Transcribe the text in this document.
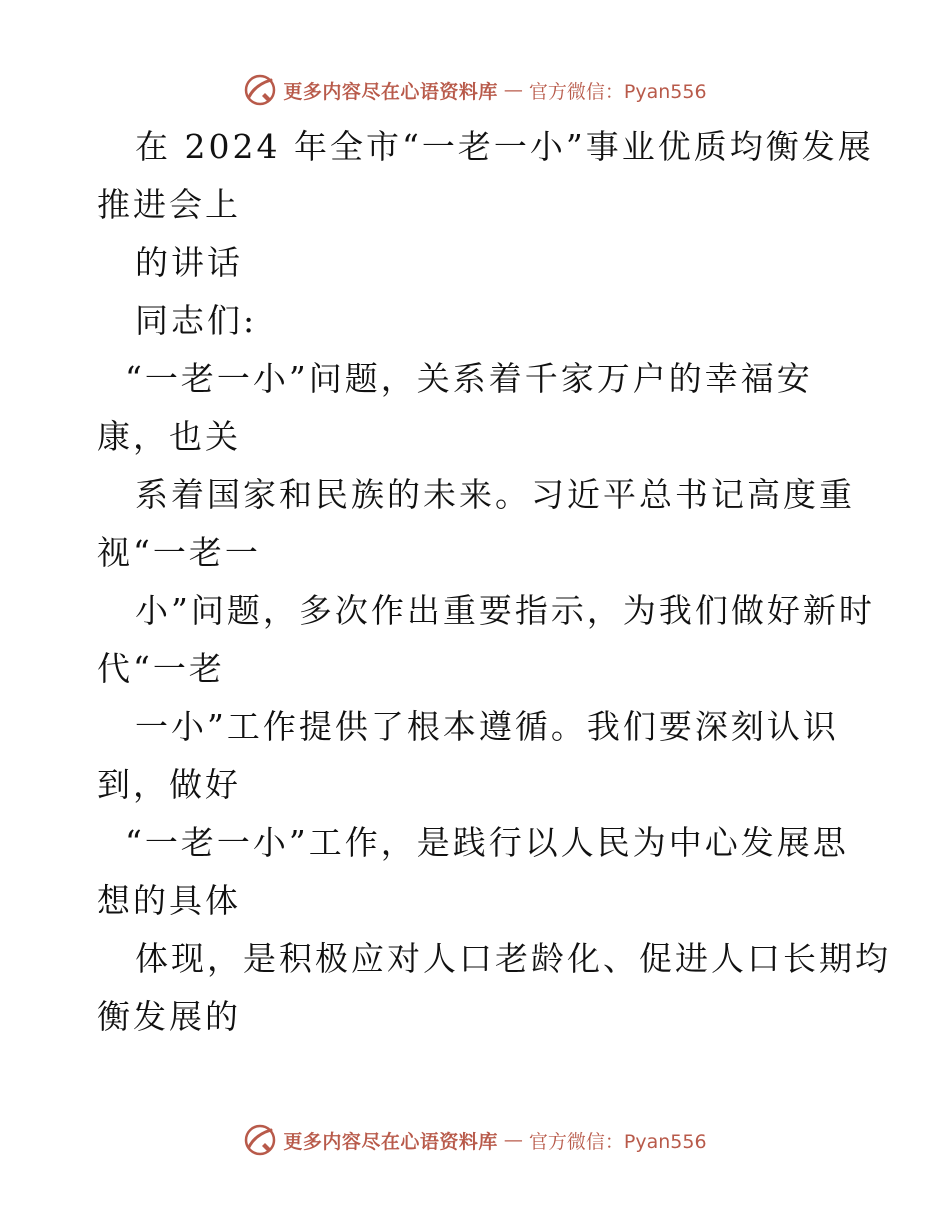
更多内容尽在心语资料库 — 官方微信：Pyan556
在 2024 年全市“一老一小”事业优质均衡发展
推进会上
的讲话
同志们:
“一老一小”问题，关系着千家万户的幸福安
康，也关
系着国家和民族的未来。习近平总书记高度重
视“一老一
小”问题，多次作出重要指示，为我们做好新时
代“一老
一小”工作提供了根本遵循。我们要深刻认识
到，做好
“一老一小”工作，是践行以人民为中心发展思
想的具体
体现，是积极应对人口老龄化、促进人口长期均
衡发展的
更多内容尽在心语资料库 — 官方微信：Pyan556
